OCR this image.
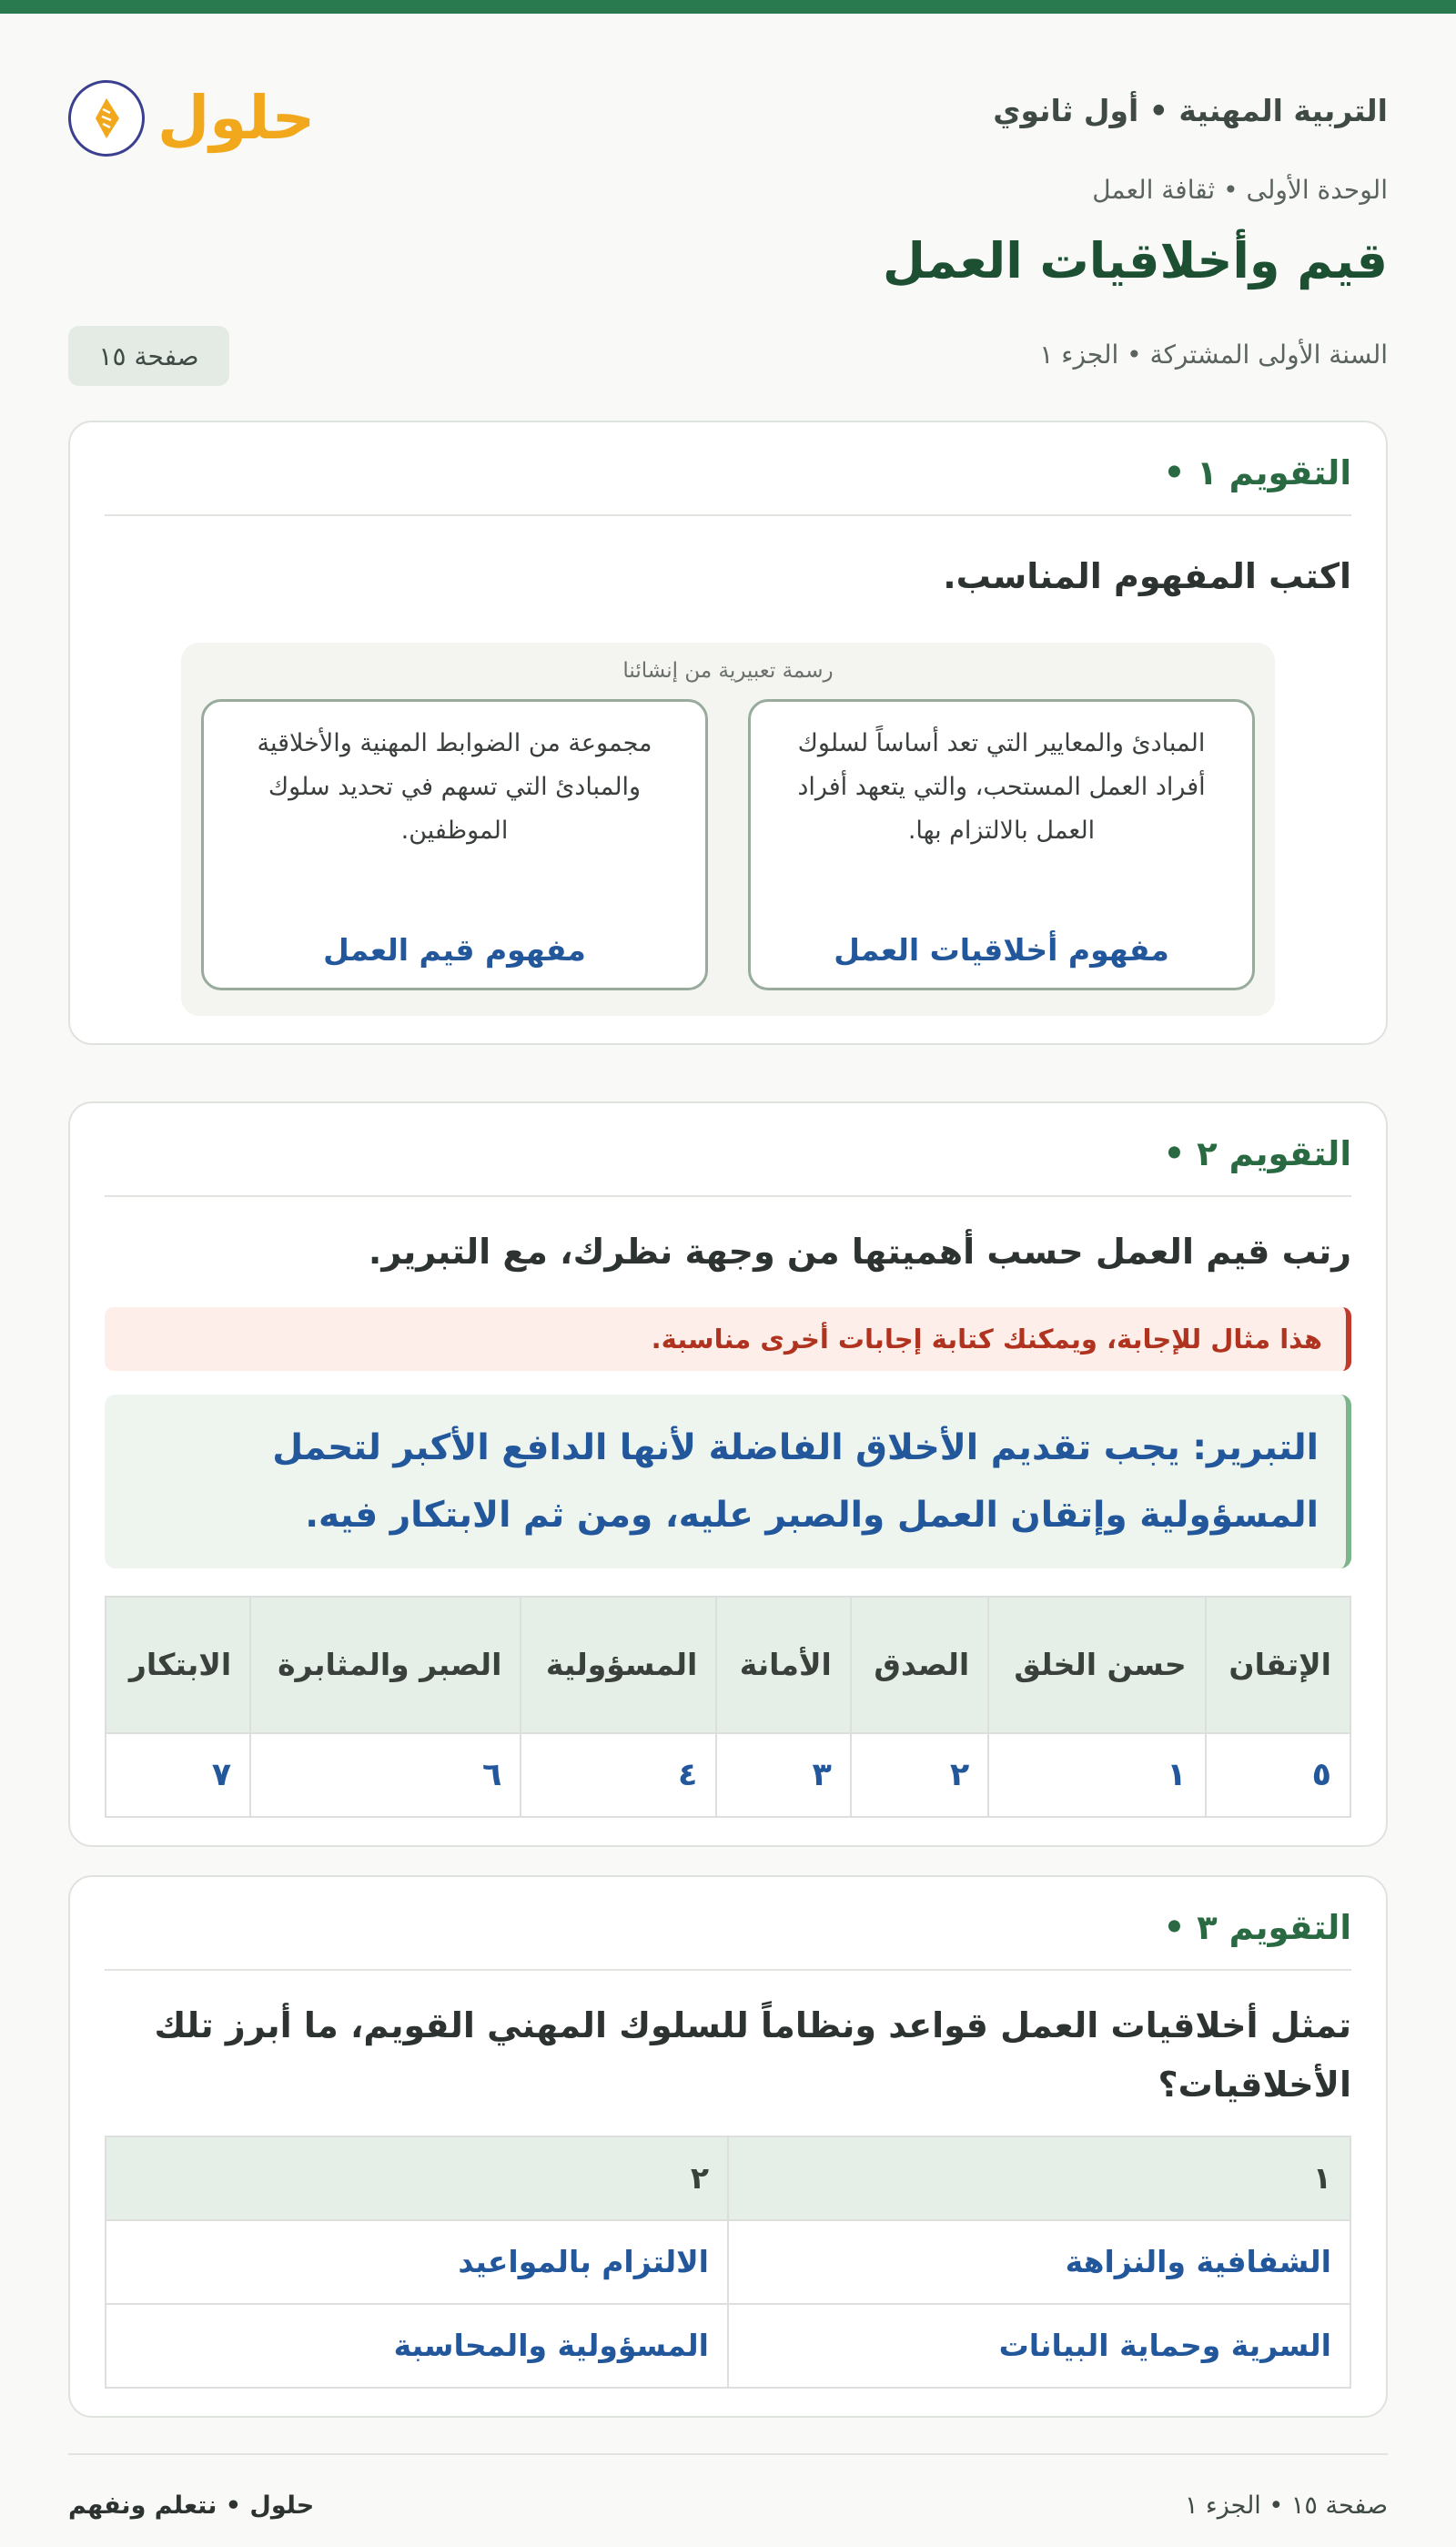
التربية المهنية • أول ثانوي
حلول
الوحدة الأولى • ثقافة العمل
قيم وأخلاقيات العمل
السنة الأولى المشتركة • الجزء ١
صفحة ١٥
التقويم ١ •
اكتب المفهوم المناسب.
رسمة تعبيرية من إنشائنا
المبادئ والمعايير التي تعد أساساً لسلوك أفراد العمل المستحب، والتي يتعهد أفراد العمل بالالتزام بها.
مفهوم أخلاقيات العمل
مجموعة من الضوابط المهنية والأخلاقية والمبادئ التي تسهم في تحديد سلوك الموظفين.
مفهوم قيم العمل
التقويم ٢ •
رتب قيم العمل حسب أهميتها من وجهة نظرك، مع التبرير.
هذا مثال للإجابة، ويمكنك كتابة إجابات أخرى مناسبة.
التبرير: يجب تقديم الأخلاق الفاضلة لأنها الدافع الأكبر لتحمل المسؤولية وإتقان العمل والصبر عليه، ومن ثم الابتكار فيه.
الإتقان	حسن الخلق	الصدق	الأمانة	المسؤولية	الصبر والمثابرة	الابتكار
٥	١	٢	٣	٤	٦	٧
التقويم ٣ •
تمثل أخلاقيات العمل قواعد ونظاماً للسلوك المهني القويم، ما أبرز تلك الأخلاقيات؟
١	٢
الشفافية والنزاهة	الالتزام بالمواعيد
السرية وحماية البيانات	المسؤولية والمحاسبة
حلول • نتعلم ونفهم	صفحة ١٥ • الجزء ١
